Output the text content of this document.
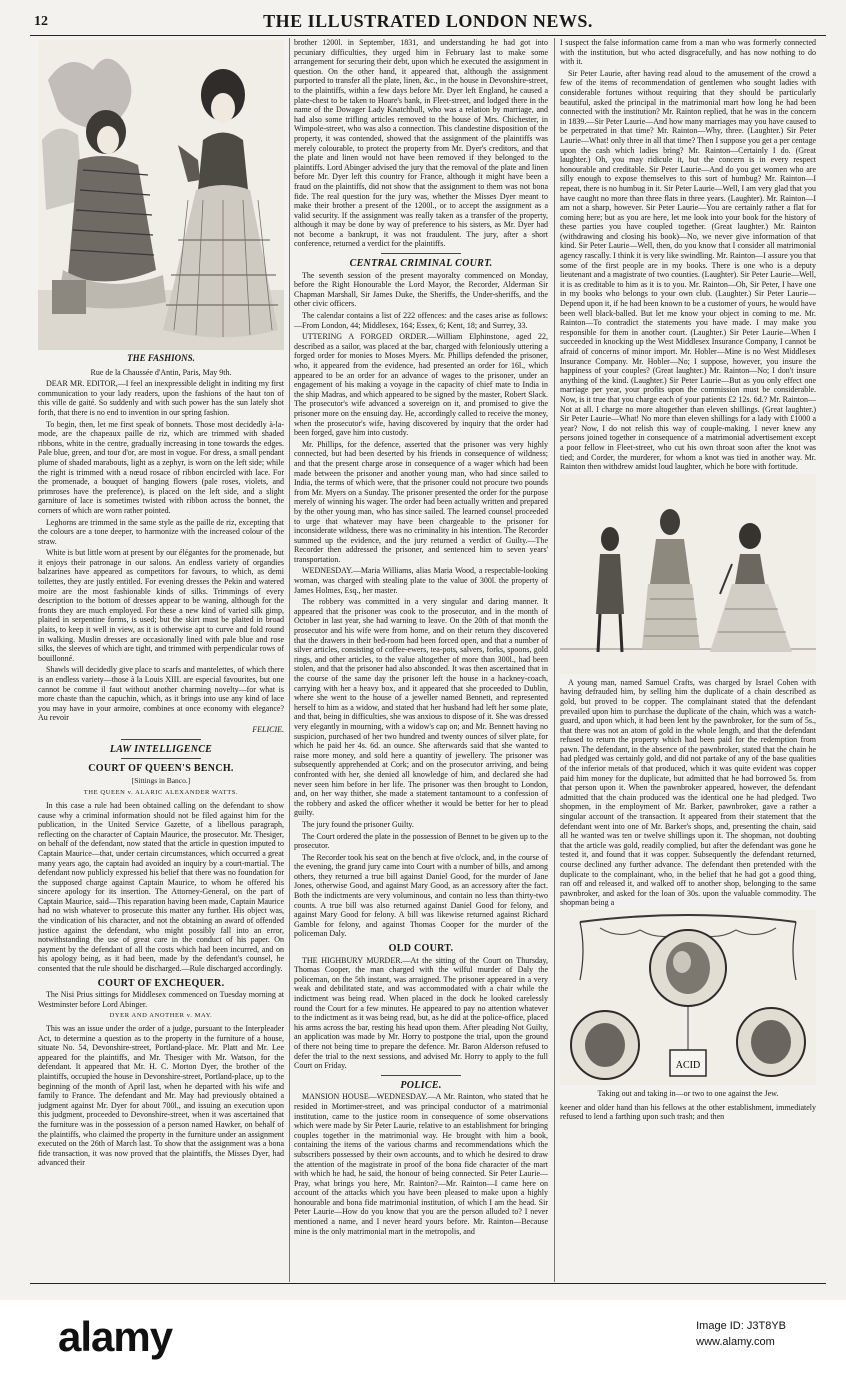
12	THE ILLUSTRATED LONDON NEWS.
THE FASHIONS.

Rue de la Chaussée d'Antin, Paris, May 9th.

DEAR MR. EDITOR,—I feel an inexpressible delight in inditing my first communication to your lady readers, upon the fashions of the haut ton of this ville de gaité. So suddenly and with such power has the sun lately shot forth, that there is no end to invention in our spring fashion.

To begin, then, let me first speak of bonnets. Those most decidedly à-la-mode, are the chapeaux paille de riz, which are trimmed with shaded ribbons, white in the centre, gradually increasing in tone towards the edges. Pale blue, green, and tour d'or, are most in vogue. For dress, a small pendant plume of shaded marabouts, light as a zephyr, is worn on the left side; while the right is trimmed with a nœud rosace of ribbon encircled with lace. For the promenade, a bouquet of hanging flowers (pale roses, violets, and primroses have the preference), is placed on the left side, and a slight garniture of lace is sometimes twisted with ribbon across the bonnet, the corners of which are worn rather pointed.

Leghorns are trimmed in the same style as the paille de riz, excepting that the colours are a tone deeper, to harmonize with the increased colour of the straw.

White is but little worn at present by our élégantes for the promenade, but it enjoys their patronage in our salons. An endless variety of organdies balzarines have appeared as competitors for favours, to which, as demi toilettes, they are justly entitled. For evening dresses the Pekin and watered moire are the most fashionable kinds of silks. Trimmings of every description to the bottom of dresses appear to be waning, although for the fronts they are much employed. For these a new kind of varied silk gimp, plaited in serpentine forms, is used; but the skirt must be plaited in broad plaits, to keep it well in view, as it is otherwise apt to curve and fold round in walking. Muslin dresses are occasionally lined with pale blue and rose silks, the sleeves of which are tight, and trimmed with perpendicular rows of bouillonné.

Shawls will decidedly give place to scarfs and mantelettes, of which there is an endless variety—those à la Louis XIII. are especial favourites, but one cannot be comme il faut without another charming novelty—for what is more chaste than the capuchin, which, as it brings into use any kind of lace you may have in your armoire, combines at once economy with elegance? Au revoir

FELICIE.

LAW INTELLIGENCE
COURT OF QUEEN'S BENCH.
[Sittings in Banco.]
THE QUEEN v. ALARIC ALEXANDER WATTS.

In this case a rule had been obtained calling on the defendant to show cause why a criminal information should not be filed against him for the publication, in the United Service Gazette, of a libellous paragraph, reflecting on the character of Captain Maurice, the prosecutor. Mr. Thesiger, on behalf of the defendant, now stated that the article in question imputed to Captain Maurice—that, under certain circumstances, which occurred a great many years ago, the captain had avoided an inquiry by a court-martial. The defendant now publicly expressed his belief that there was no foundation for the supposed charge against Captain Maurice, to whom he offered his sincere apology for its insertion. The Attorney-General, on the part of Captain Maurice, said—This reparation having been made, Captain Maurice had no wish whatever to prosecute this matter any further. His object was, the vindication of his character, and not the obtaining an award of offended justice against the defendant, who might possibly fall into an error, notwithstanding the use of great care in the conduct of his paper. On payment by the defendant of all the costs which had been incurred, and on his apology being, as it had been, made by the defendant's counsel, he consented that the rule should be discharged.—Rule discharged accordingly.

COURT OF EXCHEQUER.

The Nisi Prius sittings for Middlesex commenced on Tuesday morning at Westminster before Lord Abinger.

DYER AND ANOTHER v. MAY.

This was an issue under the order of a judge, pursuant to the Interpleader Act, to determine a question as to the property in the furniture of a house, situate No. 54, Devonshire-street, Portland-place. Mr. Platt and Mr. Lee appeared for the plaintiffs, and Mr. Thesiger with Mr. Watson, for the defendant. It appeared that Mr. H. C. Morton Dyer, the brother of the plaintiffs, occupied the house in Devonshire-street, Portland-place, up to the beginning of the month of April last, when he departed with his wife and family to France. The defendant and Mr. May had previously obtained a judgment against Mr. Dyer for about 700l., and issuing an execution upon this judgment, proceeded to Devonshire-street, when it was ascertained that the furniture was in the possession of a person named Hawker, on behalf of the plaintiffs, who claimed the property in the furniture under an assignment executed on the 26th of March last. To show that the assignment was a bona fide transaction, it was now proved that the plaintiffs, the Misses Dyer, had advanced their

brother 1200l. in September, 1831, and understanding he had got into pecuniary difficulties, they urged him in February last to make some arrangement for securing their debt, upon which he executed the assignment in question. On the other hand, it appeared that, although the assignment purported to transfer all the plate, linen, &c., in the house in Devonshire-street, to the plaintiffs, within a few days before Mr. Dyer left England, he caused a plate-chest to be taken to Hoare's bank, in Fleet-street, and lodged there in the name of the Dowager Lady Knatchbull, who was a relation by marriage, and had also some trifling articles removed to the house of Mrs. Chichester, in Wimpole-street, who was also a connection. This clandestine disposition of the property, it was contended, showed that the assignment of the plaintiffs was merely colourable, to protect the property from Mr. Dyer's creditors, and that the plate and linen would not have been removed if they belonged to the plaintiffs. Lord Abinger advised the jury that the removal of the plate and linen before Mr. Dyer left this country for France, although it might have been a fraud on the plaintiffs, did not show that the assignment to them was not bona fide. The real question for the jury was, whether the Misses Dyer meant to make their brother a present of the 1200l., or to accept the assignment as a valid security. If the assignment was really taken as a transfer of the property, although it may be done by way of preference to his sisters, as Mr. Dyer had not become a bankrupt, it was not fraudulent. The jury, after a short conference, returned a verdict for the plaintiffs.

CENTRAL CRIMINAL COURT.

The seventh session of the present mayoralty commenced on Monday, before the Right Honourable the Lord Mayor, the Recorder, Alderman Sir Chapman Marshall, Sir James Duke, the Sheriffs, the Under-sheriffs, and the other civic officers.

The calendar contains a list of 222 offences: and the cases arise as follows:—From London, 44; Middlesex, 164; Essex, 6; Kent, 18; and Surrey, 33.

UTTERING A FORGED ORDER.—William Elphinstone, aged 22, described as a sailor, was placed at the bar, charged with feloniously uttering a forged order for monies to Moses Myers. Mr. Phillips defended the prisoner, who, it appeared from the evidence, had presented an order for 16l., which appeared to be an order for an advance of wages to the prisoner, under an engagement of his making a voyage in the capacity of chief mate to India in the ship Madras, and which appeared to be signed by the master, Robert Slack. The prosecutor's wife advanced a sovereign on it, and promised to give the prisoner more on the ensuing day. He, accordingly called to receive the money, when the prosecutor's wife, having discovered by inquiry that the order had been forged, gave him into custody.

Mr. Phillips, for the defence, asserted that the prisoner was very highly connected, but had been deserted by his friends in consequence of wildness; and that the present charge arose in consequence of a wager which had been made between the prisoner and another young man, who had since sailed to India, the terms of which were, that the prisoner could not procure two pounds from Mr. Myers on a Sunday. The prisoner presented the order for the purpose merely of winning his wager. The order had been actually written and prepared by the other young man, who has since sailed. The learned counsel proceeded to urge that whatever may have been chargeable to the prisoner for inconsiderate wildness, there was no criminality in his intention. The Recorder summed up the evidence, and the jury returned a verdict of Guilty.—The Recorder then addressed the prisoner, and sentenced him to seven years' transportation.

WEDNESDAY.—Maria Williams, alias Maria Wood, a respectable-looking woman, was charged with stealing plate to the value of 300l. the property of James Holmes, Esq., her master.

The robbery was committed in a very singular and daring manner. It appeared that the prisoner was cook to the prosecutor, and in the month of October in last year, she had warning to leave. On the 20th of that month the prosecutor and his wife were from home, and on their return they discovered that the drawers in their bed-room had been forced open, and that a number of silver articles, consisting of coffee-ewers, tea-pots, salvers, forks, spoons, gold rings, and other articles, to the value altogether of more than 300l., had been stolen, and that the prisoner had also absconded. It was then ascertained that in the course of the same day the prisoner left the house in a hackney-coach, carrying with her a heavy box, and it appeared that she proceeded to Dublin, where she went to the house of a jeweller named Bennett, and represented herself to him as a widow, and stated that her husband had left her some plate, and that, being in difficulties, she was anxious to dispose of it. She was dressed very elegantly in mourning, with a widow's cap on; and Mr. Bennett having no suspicion, purchased of her two hundred and twenty ounces of silver plate, for which he paid her 4s. 6d. an ounce. She afterwards said that she wanted to raise more money, and sold here a quantity of jewellery. The prisoner was subsequently apprehended at Cork; and on the prosecutor arriving, and being confronted with her, she denied all knowledge of him, and declared she had never seen him before in her life. The prisoner was then brought to London, and, on her way thither, she made a statement tantamount to a confession of the robbery and asked the officer whether it would be better for her to plead guilty.

The jury found the prisoner Guilty.

The Court ordered the plate in the possession of Bennet to be given up to the prosecutor.

The Recorder took his seat on the bench at five o'clock, and, in the course of the evening, the grand jury came into Court with a number of bills, and among others, they returned a true bill against Daniel Good, for the murder of Jane Jones, otherwise Good, and against Mary Good, as an accessory after the fact. Both the indictments are very voluminous, and contain no less than thirty-two counts. A true bill was also returned against Daniel Good for felony, and against Mary Good for felony. A bill was likewise returned against Richard Gamble for felony, and against Thomas Cooper for the murder of the policeman Daly.

OLD COURT.

THE HIGHBURY MURDER.—At the sitting of the Court on Thursday, Thomas Cooper, the man charged with the wilful murder of Daly the policeman, on the 5th instant, was arraigned. The prisoner appeared in a very weak and debilitated state, and was accommodated with a chair while the indictment was being read. When placed in the dock he looked carelessly round the Court for a few minutes. He appeared to pay no attention whatever to the indictment as it was being read, but, as he did at the police-office, placed his arms across the bar, resting his head upon them. After pleading Not Guilty, an application was made by Mr. Horry to postpone the trial, upon the ground of there not being time to prepare the defence. Mr. Baron Alderson refused to defer the trial to the next sessions, and advised Mr. Horry to apply to the full Court on Friday.

POLICE.

MANSION HOUSE—WEDNESDAY.—A Mr. Rainton, who stated that he resided in Mortimer-street, and was principal conductor of a matrimonial institution, came to the justice room in consequence of some observations which were made by Sir Peter Laurie, relative to an establishment for bringing couples together in the matrimonial way. He brought with him a book, containing the items of the various charms and recommendations which the subscribers possessed by their own accounts, and to which he desired to draw the attention of the magistrate in proof of the bona fide character of the mart with which he had, he said, the honour of being connected. Sir Peter Laurie—Pray, what brings you here, Mr. Rainton?—Mr. Rainton—I came here on account of the attacks which you have been pleased to make upon a highly honourable and bona fide matrimonial institution, of which I am the head. Sir Peter Laurie—How do you know that you are the person alluded to? I never mentioned a name, and I never heard yours before. Mr. Rainton—Because mine is the only matrimonial mart in the metropolis, and

I suspect the false information came from a man who was formerly connected with the institution, but who acted disgracefully, and has now nothing to do with it.

Sir Peter Laurie, after having read aloud to the amusement of the crowd a few of the items of recommendation of gentlemen who sought ladies with considerable fortunes without requiring that they should be particularly beautiful, asked the principal in the matrimonial mart how long he had been connected with the institution? Mr. Rainton replied, that he was in the concern in 1839.—Sir Peter Laurie—And how many marriages may you have caused to be perpetrated in that time? Mr. Rainton—Why, three. (Laughter.) Sir Peter Laurie—What! only three in all that time? Then I suppose you get a per centage upon the cash which ladies bring? Mr. Rainton—Certainly I do. (Great laughter.) Oh, you may ridicule it, but the concern is in every respect honourable and creditable. Sir Peter Laurie—And do you get women who are silly enough to expose themselves to this sort of humbug? Mr. Rainton—I repeat, there is no humbug in it. Sir Peter Laurie—Well, I am very glad that you have caught no more than three flats in three years. (Laughter). Mr. Rainton—I am not a sharp, however. Sir Peter Laurie—You are certainly rather a flat for coming here; but as you are here, let me look into your book for the history of these parties you have coupled together. (Great laughter.) Mr. Rainton (withdrawing and closing his book)—No, we never give information of that kind. Sir Peter Laurie—Well, then, do you know that I consider all matrimonial agency rascally. I think it is very like swindling. Mr. Rainton—I assure you that some of the first people are in my books. There is one who is a deputy lieutenant and a magistrate of two counties. (Laughter). Sir Peter Laurie—Well, it is as creditable to him as it is to you. Mr. Rainton—Oh, Sir Peter, I have one in my books who belongs to your own club. (Laughter.) Sir Peter Laurie—Depend upon it, if he had been known to be a customer of yours, he would have been well black-balled. But let me know your object in coming to me. Mr. Rainton—To contradict the statements you have made. I may make you responsible for them in another court. (Laughter.) Sir Peter Laurie—When I succeeded in knocking up the West Middlesex Insurance Company, I cannot be afraid of concerns of minor import. Mr. Hobler—Mine is no West Middlesex Insurance Company. Mr. Hobler—No; I suppose, however, you insure the happiness of your couples? (Great laughter.) Mr. Rainton—No; I don't insure anything of the kind. (Laughter.) Sir Peter Laurie—But as you only effect one marriage per year, your profits upon the commission must be considerable. Now, is it true that you charge each of your patients £2 12s. 6d.? Mr. Rainton—Not at all. I charge no more altogether than eleven shillings. (Great laughter.) Sir Peter Laurie—What! No more than eleven shillings for a lady with £1000 a year? Now, I do not relish this way of couple-making. I never knew any persons joined together in consequence of a matrimonial advertisement except a poor fellow in Fleet-street, who cut his own throat soon after the knot was tied; and Corder, the murderer, for whom a knot was tied in another way. Mr. Rainton then withdrew amidst loud laughter, which he bore with fortitude.

A young man, named Samuel Crafts, was charged by Israel Cohen with having defrauded him, by selling him the duplicate of a chain described as gold, but proved to be copper. The complainant stated that the defendant prevailed upon him to purchase the duplicate of the chain, which was a watch-guard, and upon which, it had been lent by the pawnbroker, for the sum of 5s., that there was not an atom of gold in the whole length, and that the defendant refused to return the property which had been paid for the redemption from pawn. The defendant, in the absence of the pawnbroker, stated that the chain he had pledged was certainly gold, and did not partake of any of the base qualities of the inferior metals of that produced, which it was quite evident was copper paid him money for the duplicate, but admitted that he had borrowed 5s. from that person upon it. When the pawnbroker appeared, however, the defendant admitted that the chain produced was the identical one he had pledged. Two shopmen, in the employment of Mr. Barker, pawnbroker, gave a rather a singular account of the transaction. It appeared from their statement that the defendant went into one of Mr. Barker's shops, and, presenting the chain, said all he wanted was ten or twelve shillings upon it. The shopman, not doubting that the article was gold, readily complied, but after the defendant was gone he tested it, and found that it was copper. Subsequently the defendant returned, course declined any further advance. The defendant then pretended with the duplicate to the complainant, who, in the belief that he had got a good thing, ran off and released it, and walked off to another shop, belonging to the same pawnbroker, and asked for the loan of 30s. upon the valuable commodity. The shopman being a

ACID
Taking out and taking in—or two to one against the Jew.

keener and older hand than his fellows at the other establishment, immediately refused to lend a farthing upon such trash; and then

alamy	Image ID: J3T8YB
www.alamy.com
